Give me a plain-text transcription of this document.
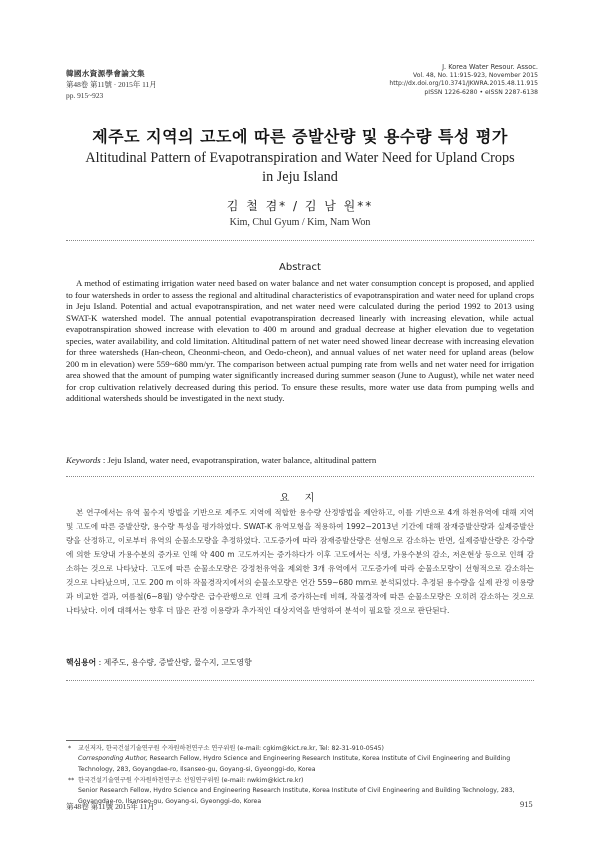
韓國水資源學會論文集
第48卷 第11號 · 2015年 11月
pp. 915~923
J. Korea Water Resour. Assoc.
Vol. 48, No. 11:915-923, November 2015
http://dx.doi.org/10.3741/JKWRA.2015.48.11.915
pISSN 1226-6280 • eISSN 2287-6138
제주도 지역의 고도에 따른 증발산량 및 용수량 특성 평가
Altitudinal Pattern of Evapotranspiration and Water Need for Upland Crops in Jeju Island
김 철 겸* / 김 남 원**
Kim, Chul Gyum / Kim, Nam Won
Abstract

A method of estimating irrigation water need based on water balance and net water consumption concept is proposed, and applied to four watersheds in order to assess the regional and altitudinal characteristics of evapotranspiration and water need for upland crops in Jeju Island. Potential and actual evapotranspiration, and net water need were calculated during the period 1992 to 2013 using SWAT-K watershed model. The annual potential evapotranspiration decreased linearly with increasing elevation, while actual evapotranspiration showed increase with elevation to 400 m around and gradual decrease at higher elevation due to vegetation species, water availability, and cold limitation. Altitudinal pattern of net water need showed linear decrease with increasing elevation for three watersheds (Han-cheon, Cheonmi-cheon, and Oedo-cheon), and annual values of net water need for upland areas (below 200 m in elevation) were 559~680 mm/yr. The comparison between actual pumping rate from wells and net water need for irrigation area showed that the amount of pumping water significantly increased during summer season (June to August), while net water need for crop cultivation relatively decreased during this period. To ensure these results, more water use data from pumping wells and additional watersheds should be investigated in the next study.

Keywords : Jeju Island, water need, evapotranspiration, water balance, altitudinal pattern
요 지

본 연구에서는 유역 물수지 방법을 기반으로 제주도 지역에 적합한 용수량 산정방법을 제안하고, 이를 기반으로 4개 하천유역에 대해 지역 및 고도에 따른 증발산량, 용수량 특성을 평가하였다. SWAT-K 유역모형을 적용하여 1992~2013년 기간에 대해 잠재증발산량과 실제증발산량을 산정하고, 이로부터 유역의 순물소모량을 추정하였다. 고도증가에 따라 잠재증발산량은 선형으로 감소하는 반면, 실제증발산량은 강수량에 의한 토양내 가용수분의 증가로 인해 약 400 m 고도까지는 증가하다가 이후 고도에서는 식생, 가용수분의 감소, 저온현상 등으로 인해 감소하는 것으로 나타났다. 고도에 따른 순물소모량은 강정천유역을 제외한 3개 유역에서 고도증가에 따라 순물소모량이 선형적으로 감소하는 것으로 나타났으며, 고도 200 m 이하 작물경작지에서의 순물소모량은 연간 559~680 mm로 분석되었다. 추정된 용수량을 실제 관정 이용량과 비교한 결과, 여름철(6~8월) 양수량은 급수관행으로 인해 크게 증가하는데 비해, 작물경작에 따른 순물소모량은 오히려 감소하는 것으로 나타났다. 이에 대해서는 향후 더 많은 관정 이용량과 추가적인 대상지역을 반영하여 분석이 필요할 것으로 판단된다.

핵심용어 : 제주도, 용수량, 증발산량, 물수지, 고도영향
* 교신저자, 한국건설기술연구원 수자원하천연구소 연구위원 (e-mail: cgkim@kict.re.kr, Tel: 82-31-910-0545)
Corresponding Author, Research Fellow, Hydro Science and Engineering Research Institute, Korea Institute of Civil Engineering and Building Technology, 283, Goyangdae-ro, Ilsanseo-gu, Goyang-si, Gyeonggi-do, Korea
** 한국건설기술연구원 수자원하천연구소 선임연구위원 (e-mail: nwkim@kict.re.kr)
Senior Research Fellow, Hydro Science and Engineering Research Institute, Korea Institute of Civil Engineering and Building Technology, 283, Goyangdae-ro, Ilsanseo-gu, Goyang-si, Gyeonggi-do, Korea
第48卷 第11號 2015年 11月	915
